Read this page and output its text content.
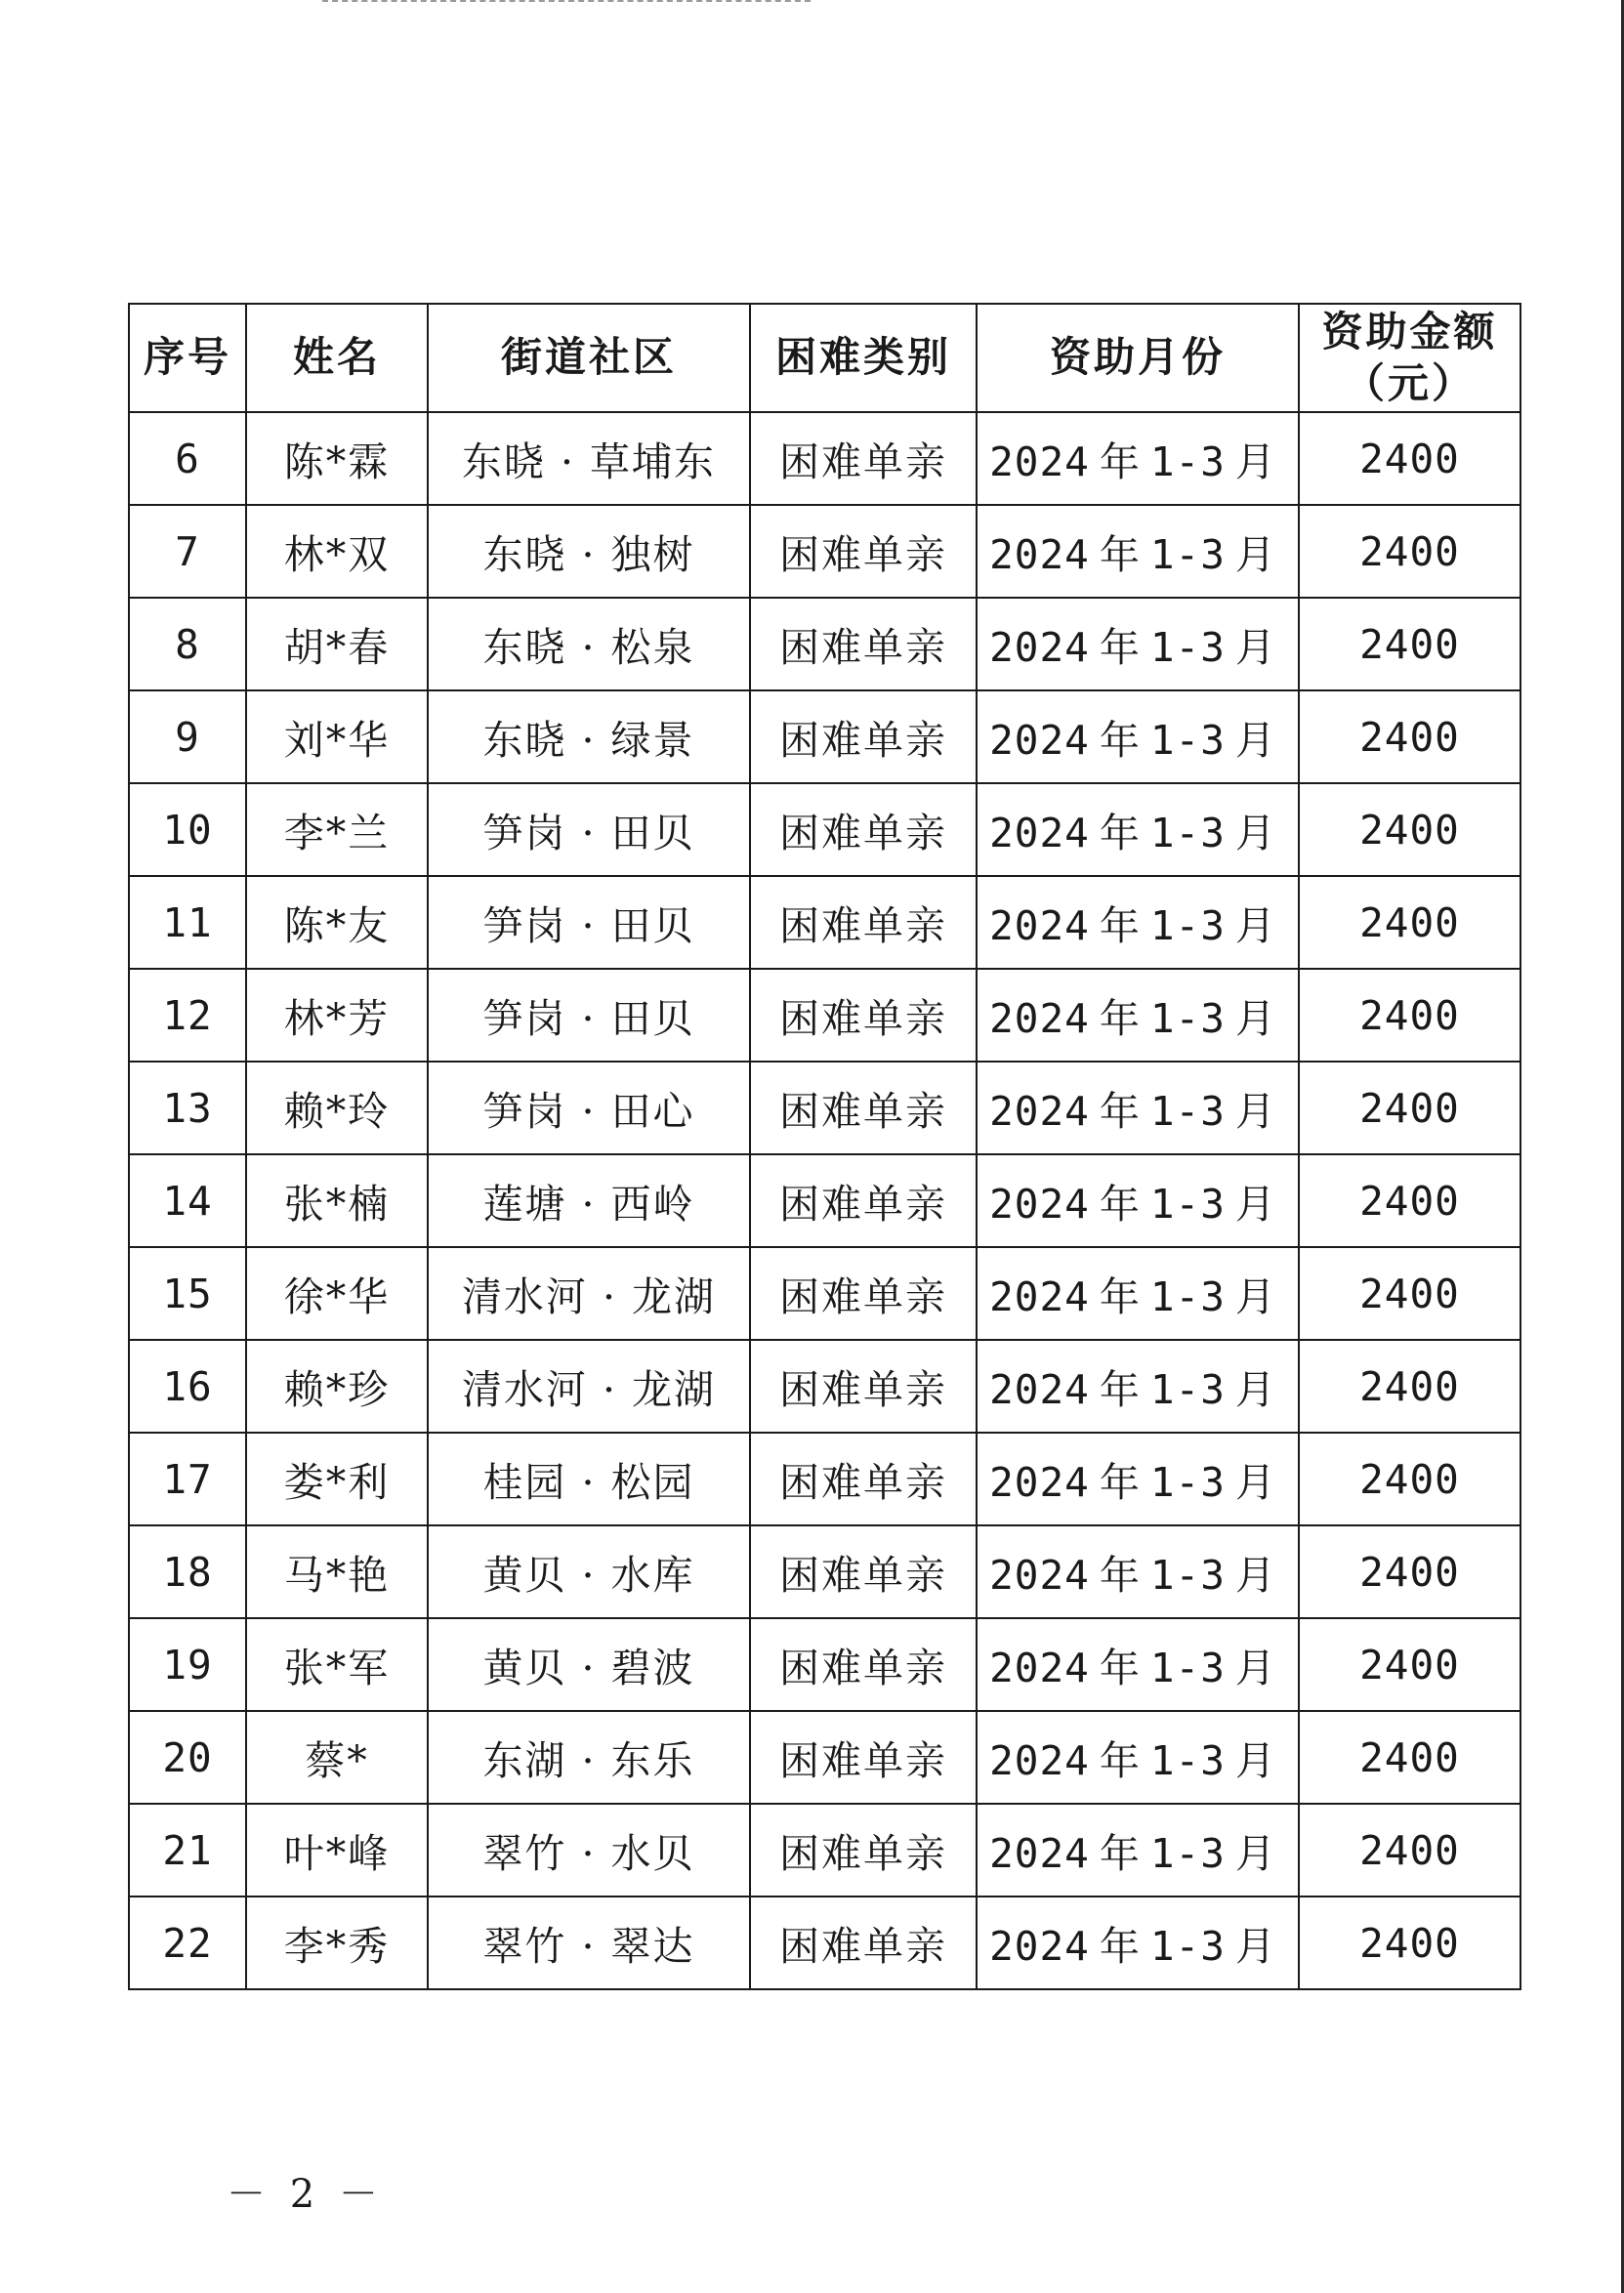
序号	姓名	街道社区	困难类别	资助月份	资助金额
（元）

6	陈*霖	东晓 · 草埔东	困难单亲	2024 年 1-3 月	2400
7	林*双	东晓 · 独树	困难单亲	2024 年 1-3 月	2400
8	胡*春	东晓 · 松泉	困难单亲	2024 年 1-3 月	2400
9	刘*华	东晓 · 绿景	困难单亲	2024 年 1-3 月	2400
10	李*兰	笋岗 · 田贝	困难单亲	2024 年 1-3 月	2400
11	陈*友	笋岗 · 田贝	困难单亲	2024 年 1-3 月	2400
12	林*芳	笋岗 · 田贝	困难单亲	2024 年 1-3 月	2400
13	赖*玲	笋岗 · 田心	困难单亲	2024 年 1-3 月	2400
14	张*楠	莲塘 · 西岭	困难单亲	2024 年 1-3 月	2400
15	徐*华	清水河 · 龙湖	困难单亲	2024 年 1-3 月	2400
16	赖*珍	清水河 · 龙湖	困难单亲	2024 年 1-3 月	2400
17	娄*利	桂园 · 松园	困难单亲	2024 年 1-3 月	2400
18	马*艳	黄贝 · 水库	困难单亲	2024 年 1-3 月	2400
19	张*军	黄贝 · 碧波	困难单亲	2024 年 1-3 月	2400
20	蔡*	东湖 · 东乐	困难单亲	2024 年 1-3 月	2400
21	叶*峰	翠竹 · 水贝	困难单亲	2024 年 1-3 月	2400
22	李*秀	翠竹 · 翠达	困难单亲	2024 年 1-3 月	2400
－ 2 －
